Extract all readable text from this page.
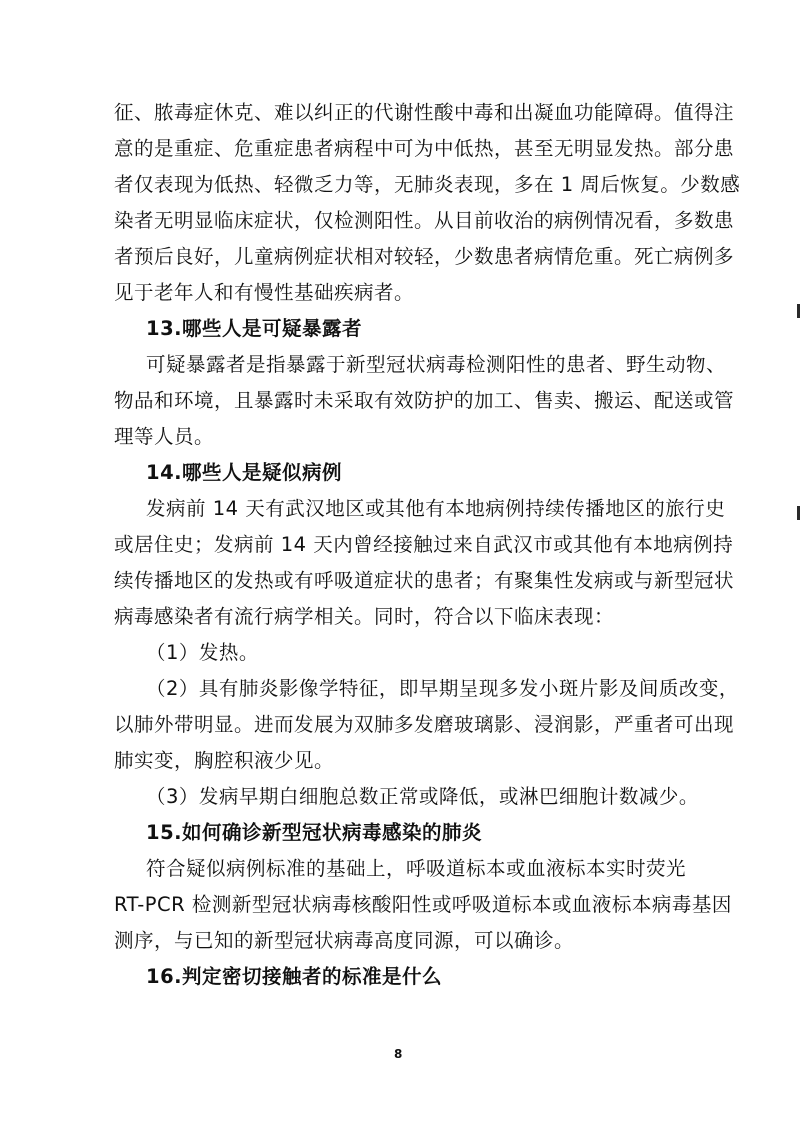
征、脓毒症休克、难以纠正的代谢性酸中毒和出凝血功能障碍。值得注
意的是重症、危重症患者病程中可为中低热，甚至无明显发热。部分患
者仅表现为低热、轻微乏力等，无肺炎表现，多在 1 周后恢复。少数感
染者无明显临床症状，仅检测阳性。从目前收治的病例情况看，多数患
者预后良好，儿童病例症状相对较轻，少数患者病情危重。死亡病例多
见于老年人和有慢性基础疾病者。
13.哪些人是可疑暴露者
可疑暴露者是指暴露于新型冠状病毒检测阳性的患者、野生动物、
物品和环境，且暴露时未采取有效防护的加工、售卖、搬运、配送或管
理等人员。
14.哪些人是疑似病例
发病前 14 天有武汉地区或其他有本地病例持续传播地区的旅行史
或居住史；发病前 14 天内曾经接触过来自武汉市或其他有本地病例持
续传播地区的发热或有呼吸道症状的患者；有聚集性发病或与新型冠状
病毒感染者有流行病学相关。同时，符合以下临床表现：
（1）发热。
（2）具有肺炎影像学特征，即早期呈现多发小斑片影及间质改变，
以肺外带明显。进而发展为双肺多发磨玻璃影、浸润影，严重者可出现
肺实变，胸腔积液少见。
（3）发病早期白细胞总数正常或降低，或淋巴细胞计数减少。
15.如何确诊新型冠状病毒感染的肺炎
符合疑似病例标准的基础上，呼吸道标本或血液标本实时荧光
RT-PCR 检测新型冠状病毒核酸阳性或呼吸道标本或血液标本病毒基因
测序，与已知的新型冠状病毒高度同源，可以确诊。
16.判定密切接触者的标准是什么
8
